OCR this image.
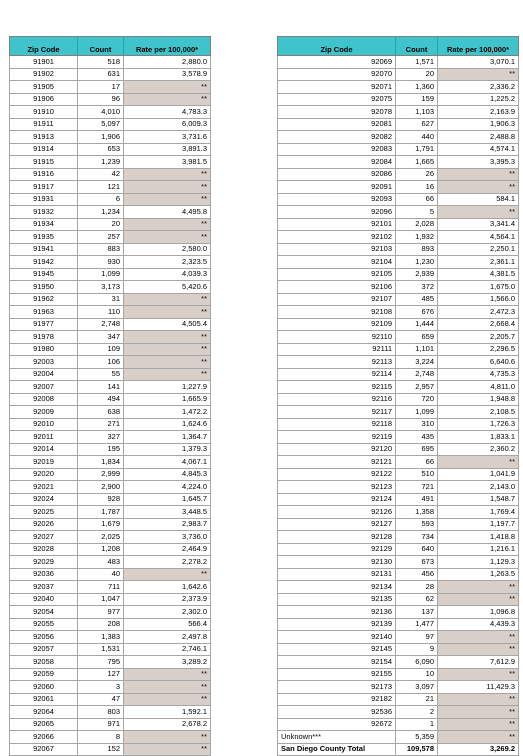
Zip Code	Count	Rate per 100,000*
91901	518	2,880.0
91902	631	3,578.9
91905	17	**
91906	96	**
91910	4,010	4,783.3
91911	5,097	6,009.3
91913	1,906	3,731.6
91914	653	3,891.3
91915	1,239	3,981.5
91916	42	**
91917	121	**
91931	6	**
91932	1,234	4,495.8
91934	20	**
91935	257	**
91941	883	2,580.0
91942	930	2,323.5
91945	1,099	4,039.3
91950	3,173	5,420.6
91962	31	**
91963	110	**
91977	2,748	4,505.4
91978	347	**
91980	109	**
92003	106	**
92004	55	**
92007	141	1,227.9
92008	494	1,665.9
92009	638	1,472.2
92010	271	1,624.6
92011	327	1,364.7
92014	195	1,379.3
92019	1,834	4,067.1
92020	2,999	4,845.3
92021	2,900	4,224.0
92024	928	1,645.7
92025	1,787	3,448.5
92026	1,679	2,983.7
92027	2,025	3,736.0
92028	1,208	2,464.9
92029	483	2,278.2
92036	40	**
92037	711	1,642.6
92040	1,047	2,373.9
92054	977	2,302.0
92055	208	566.4
92056	1,383	2,497.8
92057	1,531	2,746.1
92058	795	3,289.2
92059	127	**
92060	3	**
92061	47	**
92064	803	1,592.1
92065	971	2,678.2
92066	8	**
92067	152	**
Zip Code	Count	Rate per 100,000*
92069	1,571	3,070.1
92070	20	**
92071	1,360	2,336.2
92075	159	1,225.2
92078	1,103	2,163.9
92081	627	1,906.3
92082	440	2,488.8
92083	1,791	4,574.1
92084	1,665	3,395.3
92086	26	**
92091	16	**
92093	66	584.1
92096	5	**
92101	2,028	3,341.4
92102	1,932	4,564.1
92103	893	2,250.1
92104	1,230	2,361.1
92105	2,939	4,381.5
92106	372	1,675.0
92107	485	1,566.0
92108	676	2,472.3
92109	1,444	2,668.4
92110	659	2,205.7
92111	1,101	2,296.5
92113	3,224	6,640.6
92114	2,748	4,735.3
92115	2,957	4,811.0
92116	720	1,948.8
92117	1,099	2,108.5
92118	310	1,726.3
92119	435	1,833.1
92120	695	2,360.2
92121	66	**
92122	510	1,041.9
92123	721	2,143.0
92124	491	1,548.7
92126	1,358	1,769.4
92127	593	1,197.7
92128	734	1,418.8
92129	640	1,216.1
92130	673	1,129.3
92131	456	1,263.5
92134	28	**
92135	62	**
92136	137	1,096.8
92139	1,477	4,439.3
92140	97	**
92145	9	**
92154	6,090	7,612.9
92155	10	**
92173	3,097	11,429.3
92182	21	**
92536	2	**
92672	1	**
Unknown***	5,359	**
San Diego County Total	109,578	3,269.2
